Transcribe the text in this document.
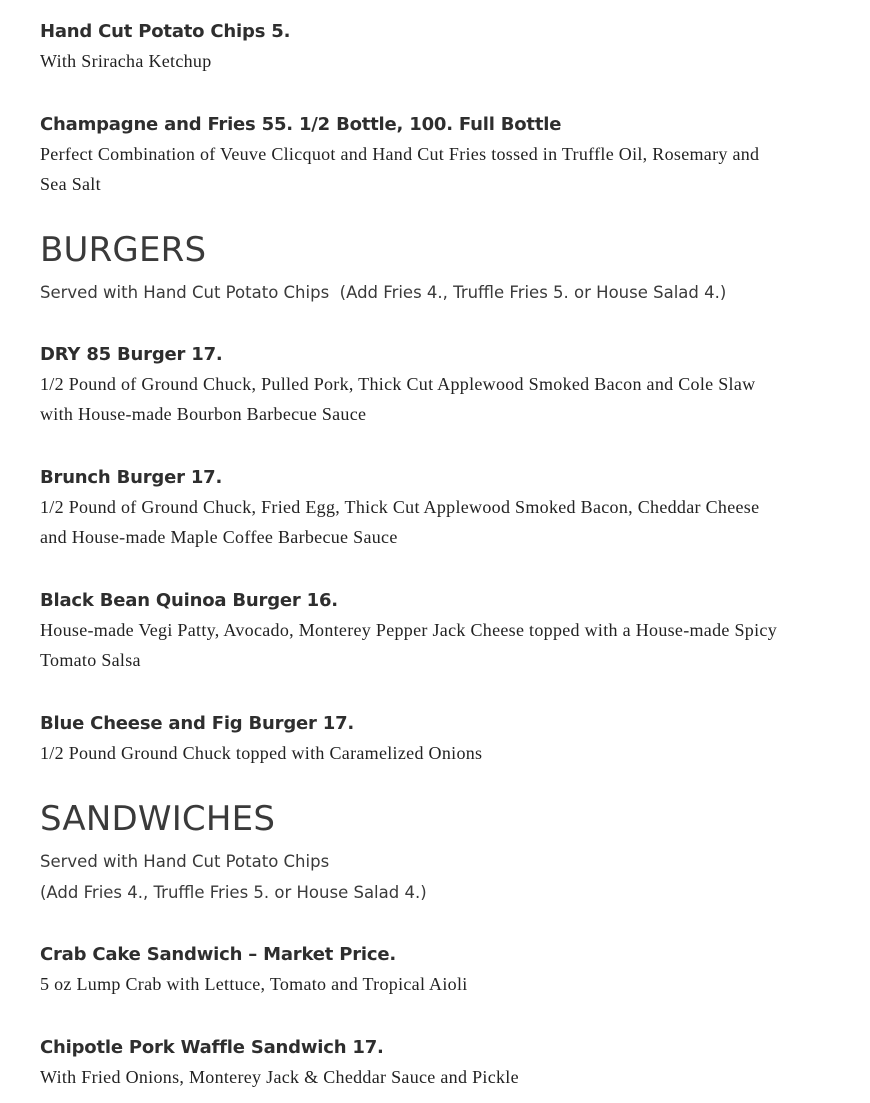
Hand Cut Potato Chips 5.

With Sriracha Ketchup

Champagne and Fries 55. 1/2 Bottle, 100. Full Bottle

Perfect Combination of Veuve Clicquot and Hand Cut Fries tossed in Truffle Oil, Rosemary and

Sea Salt

BURGERS

Served with Hand Cut Potato Chips  (Add Fries 4., Truffle Fries 5. or House Salad 4.)

DRY 85 Burger 17.

1/2 Pound of Ground Chuck, Pulled Pork, Thick Cut Applewood Smoked Bacon and Cole Slaw

with House-made Bourbon Barbecue Sauce

Brunch Burger 17.

1/2 Pound of Ground Chuck, Fried Egg, Thick Cut Applewood Smoked Bacon, Cheddar Cheese

and House-made Maple Coffee Barbecue Sauce

Black Bean Quinoa Burger 16.

House-made Vegi Patty, Avocado, Monterey Pepper Jack Cheese topped with a House-made Spicy

Tomato Salsa

Blue Cheese and Fig Burger 17.

1/2 Pound Ground Chuck topped with Caramelized Onions

SANDWICHES

Served with Hand Cut Potato Chips

(Add Fries 4., Truffle Fries 5. or House Salad 4.)

Crab Cake Sandwich – Market Price.

5 oz Lump Crab with Lettuce, Tomato and Tropical Aioli

Chipotle Pork Waffle Sandwich 17.

With Fried Onions, Monterey Jack & Cheddar Sauce and Pickle
